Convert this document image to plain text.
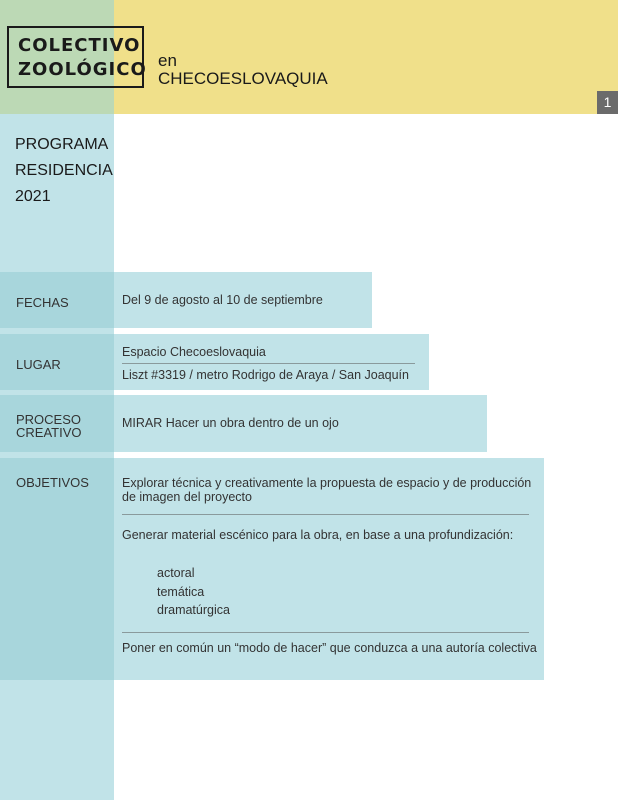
COLECTIVO
ZOOLÓGICO en
CHECOESLOVAQUIA
1
PROGRAMA
RESIDENCIA
2021
FECHAS	Del 9 de agosto al 10 de septiembre
LUGAR
Espacio Checoeslovaquia
Liszt #3319 / metro Rodrigo de Araya / San Joaquín
PROCESO
CREATIVO
MIRAR Hacer un obra dentro de un ojo
OBJETIVOS	Explorar técnica y creativamente la propuesta de espacio y de producción
de imagen del proyecto
Generar material escénico para la obra, en base a una profundización:
actoral
temática
dramatúrgica
Poner en común un “modo de hacer” que conduzca a una autoría colectiva
